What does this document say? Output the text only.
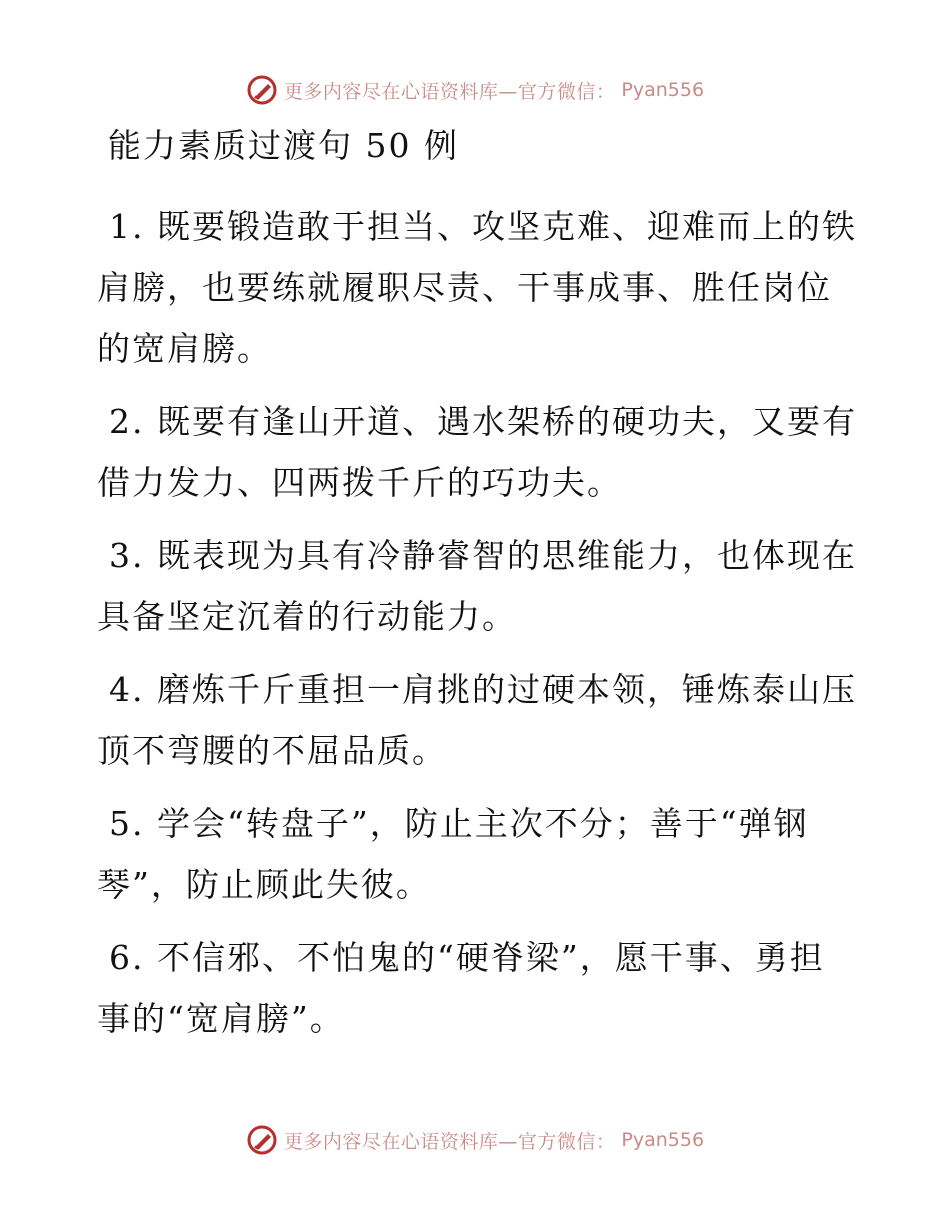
更多内容尽在心语资料库—官方微信： Pyan556
能力素质过渡句 50 例

1. 既要锻造敢于担当、攻坚克难、迎难而上的铁肩膀，也要练就履职尽责、干事成事、胜任岗位的宽肩膀。

2. 既要有逢山开道、遇水架桥的硬功夫，又要有借力发力、四两拨千斤的巧功夫。

3. 既表现为具有冷静睿智的思维能力，也体现在具备坚定沉着的行动能力。

4. 磨炼千斤重担一肩挑的过硬本领，锤炼泰山压顶不弯腰的不屈品质。

5. 学会“转盘子”，防止主次不分；善于“弹钢琴”，防止顾此失彼。

6. 不信邪、不怕鬼的“硬脊梁”，愿干事、勇担事的“宽肩膀”。

更多内容尽在心语资料库—官方微信： Pyan556
